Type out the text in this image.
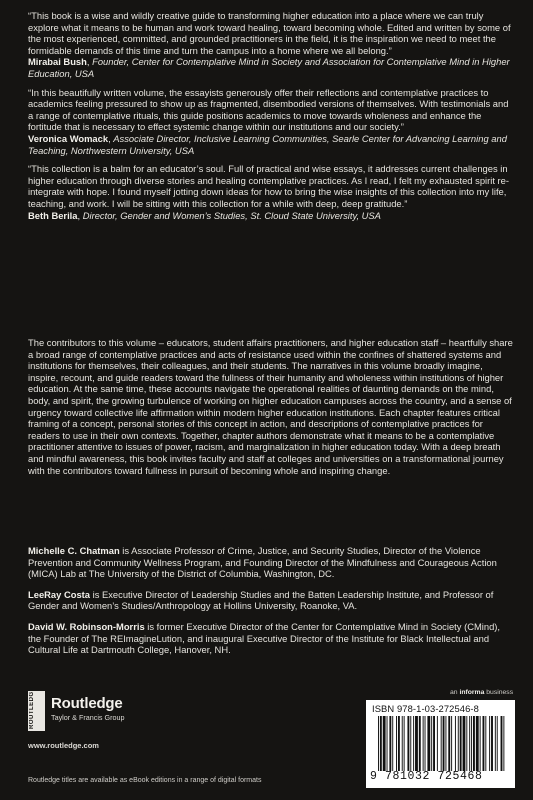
“This book is a wise and wildly creative guide to transforming higher education into a place where we can truly explore what it means to be human and work toward healing, toward becoming whole. Edited and written by some of the most experienced, committed, and grounded practitioners in the field, it is the inspiration we need to meet the formidable demands of this time and turn the campus into a home where we all belong.”
Mirabai Bush, Founder, Center for Contemplative Mind in Society and Association for Contemplative Mind in Higher Education, USA
“In this beautifully written volume, the essayists generously offer their reflections and contemplative practices to academics feeling pressured to show up as fragmented, disembodied versions of themselves. With testimonials and a range of contemplative rituals, this guide positions academics to move towards wholeness and enhance the fortitude that is necessary to effect systemic change within our institutions and our society.”
Veronica Womack, Associate Director, Inclusive Learning Communities, Searle Center for Advancing Learning and Teaching, Northwestern University, USA
“This collection is a balm for an educator’s soul. Full of practical and wise essays, it addresses current challenges in higher education through diverse stories and healing contemplative practices. As I read, I felt my exhausted spirit re-integrate with hope. I found myself jotting down ideas for how to bring the wise insights of this collection into my life, teaching, and work. I will be sitting with this collection for a while with deep, deep gratitude.”
Beth Berila, Director, Gender and Women’s Studies, St. Cloud State University, USA
The contributors to this volume – educators, student affairs practitioners, and higher education staff – heartfully share a broad range of contemplative practices and acts of resistance used within the confines of shattered systems and institutions for themselves, their colleagues, and their students. The narratives in this volume broadly imagine, inspire, recount, and guide readers toward the fullness of their humanity and wholeness within institutions of higher education. At the same time, these accounts navigate the operational realities of daunting demands on the mind, body, and spirit, the growing turbulence of working on higher education campuses across the country, and a sense of urgency toward collective life affirmation within modern higher education institutions. Each chapter features critical framing of a concept, personal stories of this concept in action, and descriptions of contemplative practices for readers to use in their own contexts. Together, chapter authors demonstrate what it means to be a contemplative practitioner attentive to issues of power, racism, and marginalization in higher education today. With a deep breath and mindful awareness, this book invites faculty and staff at colleges and universities on a transformational journey with the contributors toward fullness in pursuit of becoming whole and inspiring change.
Michelle C. Chatman is Associate Professor of Crime, Justice, and Security Studies, Director of the Violence Prevention and Community Wellness Program, and Founding Director of the Mindfulness and Courageous Action (MICA) Lab at The University of the District of Columbia, Washington, DC.
LeeRay Costa is Executive Director of Leadership Studies and the Batten Leadership Institute, and Professor of Gender and Women’s Studies/Anthropology at Hollins University, Roanoke, VA.
David W. Robinson-Morris is former Executive Director of the Center for Contemplative Mind in Society (CMind), the Founder of The REImagineLution, and inaugural Executive Director of the Institute for Black Intellectual and Cultural Life at Dartmouth College, Hanover, NH.
ROUTLEDGE	Routledge
Taylor & Francis Group
www.routledge.com
an informa business
ISBN 978-1-03-272546-8
9 781032 725468
Routledge titles are available as eBook editions in a range of digital formats
